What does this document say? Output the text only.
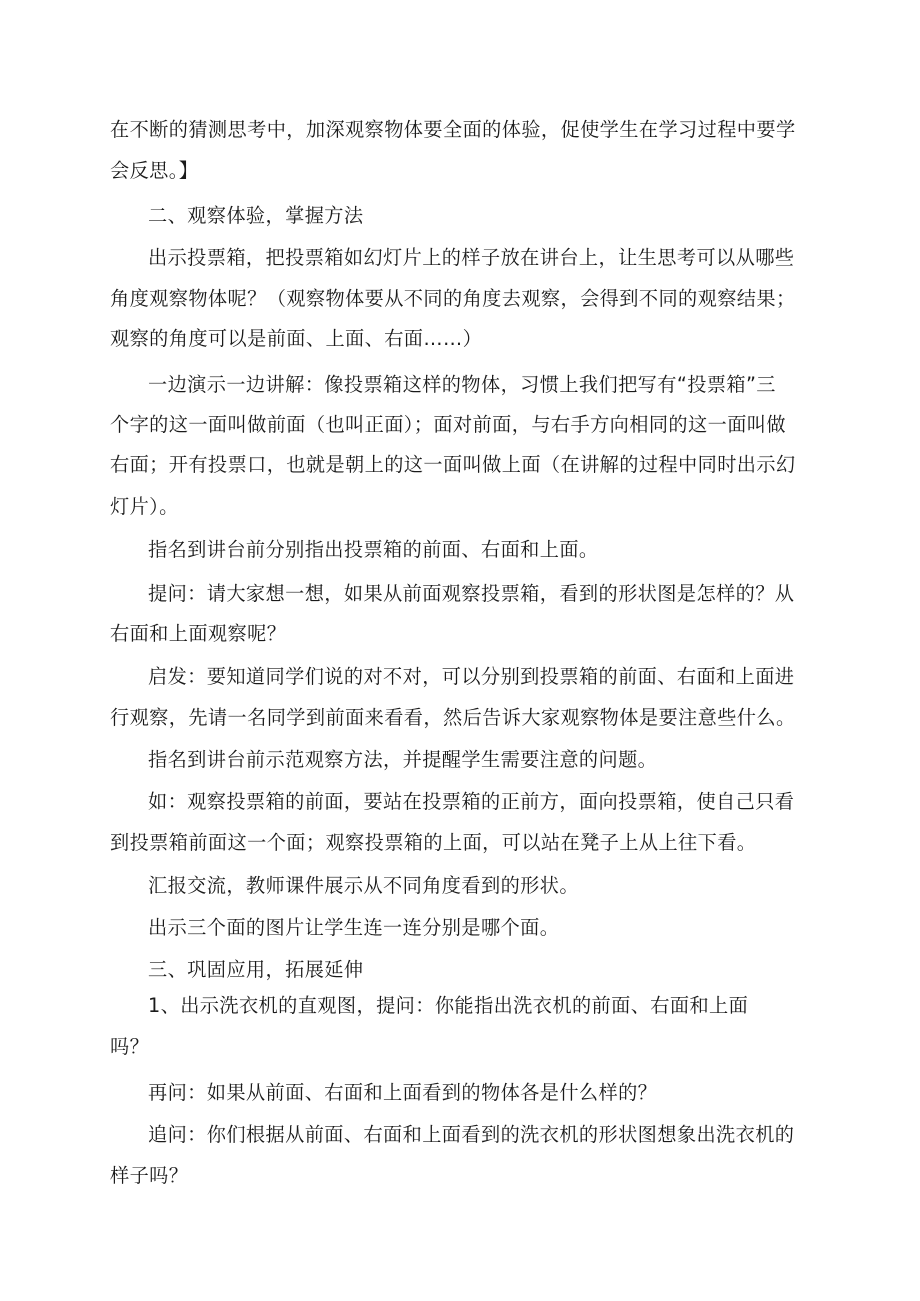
在不断的猜测思考中，加深观察物体要全面的体验，促使学生在学习过程中要学
会反思。】
二、观察体验，掌握方法
出示投票箱，把投票箱如幻灯片上的样子放在讲台上，让生思考可以从哪些
角度观察物体呢？（观察物体要从不同的角度去观察，会得到不同的观察结果；
观察的角度可以是前面、上面、右面……）
一边演示一边讲解：像投票箱这样的物体，习惯上我们把写有“投票箱”三
个字的这一面叫做前面（也叫正面）；面对前面，与右手方向相同的这一面叫做
右面；开有投票口，也就是朝上的这一面叫做上面（在讲解的过程中同时出示幻
灯片）。
指名到讲台前分别指出投票箱的前面、右面和上面。
提问：请大家想一想，如果从前面观察投票箱，看到的形状图是怎样的？从
右面和上面观察呢？
启发：要知道同学们说的对不对，可以分别到投票箱的前面、右面和上面进
行观察，先请一名同学到前面来看看，然后告诉大家观察物体是要注意些什么。
指名到讲台前示范观察方法，并提醒学生需要注意的问题。
如：观察投票箱的前面，要站在投票箱的正前方，面向投票箱，使自己只看
到投票箱前面这一个面；观察投票箱的上面，可以站在凳子上从上往下看。
汇报交流，教师课件展示从不同角度看到的形状。
出示三个面的图片让学生连一连分别是哪个面。
三、巩固应用，拓展延伸
1、出示洗衣机的直观图，提问：你能指出洗衣机的前面、右面和上面
吗？
再问：如果从前面、右面和上面看到的物体各是什么样的？
追问：你们根据从前面、右面和上面看到的洗衣机的形状图想象出洗衣机的
样子吗？
